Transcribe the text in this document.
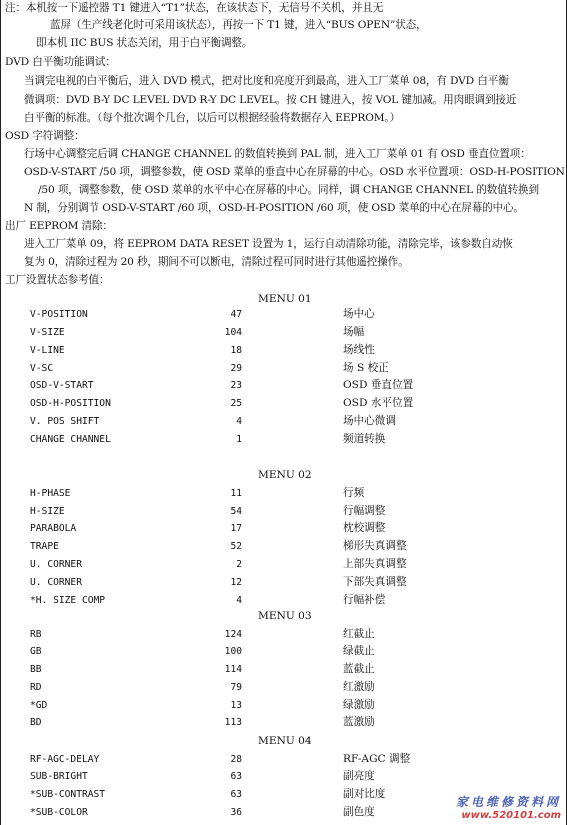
注：本机按一下遥控器 T1 键进入“T1”状态，在该状态下，无信号不关机，并且无
蓝屏（生产线老化时可采用该状态），再按一下 T1 键，进入“BUS OPEN”状态，
即本机 IIC BUS 状态关闭，用于白平衡调整。
DVD 白平衡功能调试：
当调完电视的白平衡后，进入 DVD 模式，把对比度和亮度开到最高，进入工厂菜单 08，有 DVD 白平衡
微调项：DVD B-Y DC LEVEL DVD R-Y DC LEVEL。按 CH 键进入，按 VOL 键加减。用肉眼调到接近
白平衡的标准。（每个批次调个几台，以后可以根据经验将数据存入 EEPROM。）
OSD 字符调整：
行场中心调整完后调 CHANGE CHANNEL 的数值转换到 PAL 制，进入工厂菜单 01 有 OSD 垂直位置项：
OSD-V-START /50 项，调整参数，使 OSD 菜单的垂直中心在屏幕的中心。OSD 水平位置项：OSD-H-POSITION
/50 项，调整参数，使 OSD 菜单的水平中心在屏幕的中心。同样，调 CHANGE CHANNEL 的数值转换到
N 制，分别调节 OSD-V-START /60 项，OSD-H-POSITION /60 项，使 OSD 菜单的中心在屏幕的中心。
出厂 EEPROM 清除：
进入工厂菜单 09，将 EEPROM DATA RESET 设置为 1，运行自动清除功能，清除完毕，该参数自动恢
复为 0，清除过程为 20 秒，期间不可以断电，清除过程可同时进行其他遥控操作。
工厂设置状态参考值：
MENU 01
V-POSITION	47	场中心
V-SIZE	104	场幅
V-LINE	18	场线性
V-SC	29	场 S 校正
OSD-V-START	23	OSD 垂直位置
OSD-H-POSITION	25	OSD 水平位置
V. POS SHIFT	4	场中心微调
CHANGE CHANNEL	1	频道转换
MENU 02
H-PHASE	11	行频
H-SIZE	54	行幅调整
PARABOLA	17	枕校调整
TRAPE	52	梯形失真调整
U. CORNER	2	上部失真调整
U. CORNER	12	下部失真调整
*H. SIZE COMP	4	行幅补偿
MENU 03
RB	124	红截止
GB	100	绿截止
BB	114	蓝截止
RD	79	红激励
*GD	13	绿激励
BD	113	蓝激励
MENU 04
RF-AGC-DELAY	28	RF-AGC 调整
SUB-BRIGHT	63	副亮度
*SUB-CONTRAST	63	副对比度
*SUB-COLOR	36	副色度
家电维修资料网
www.520101.com
